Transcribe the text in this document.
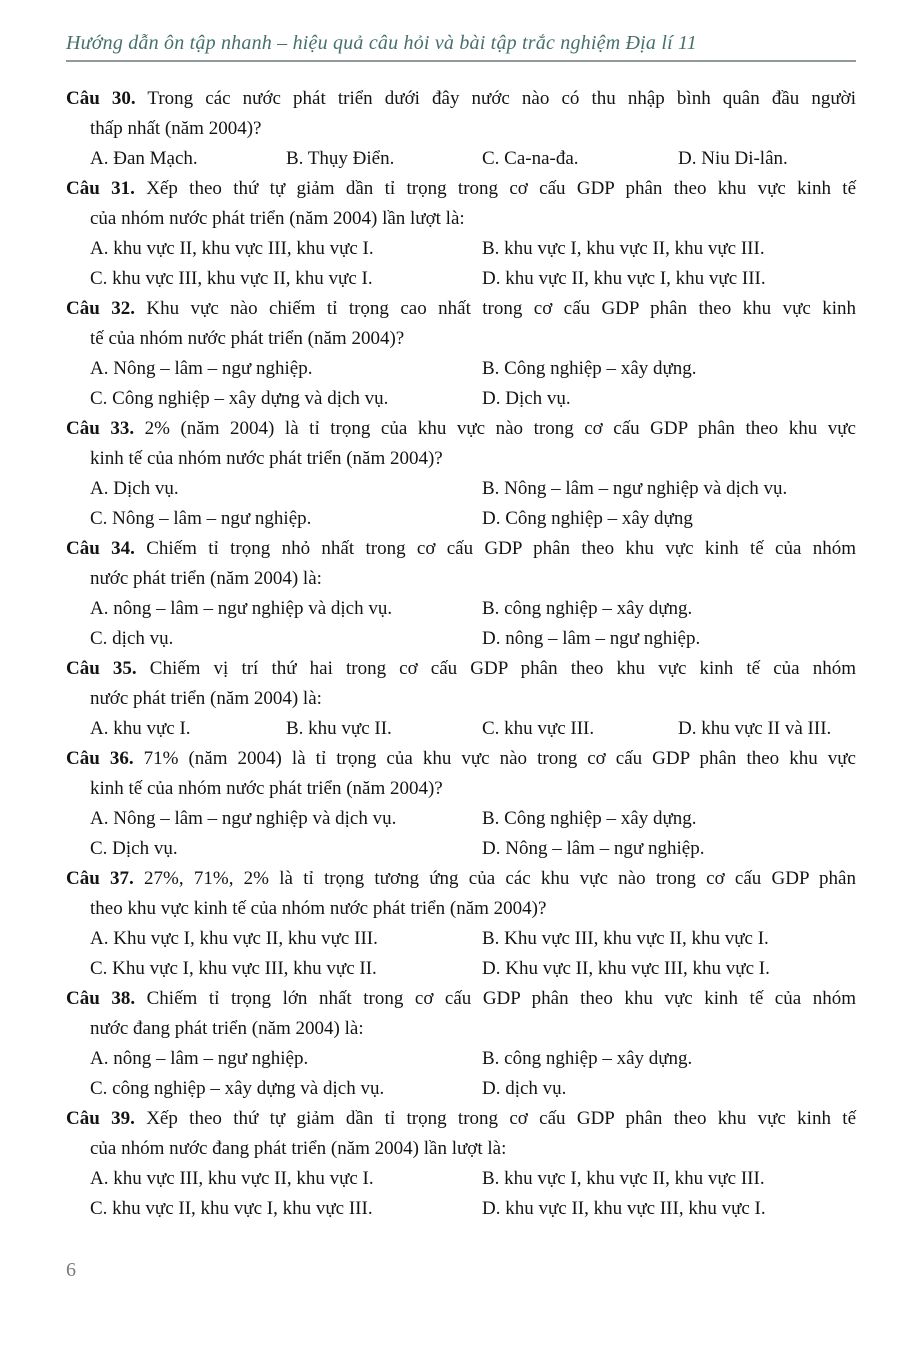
Hướng dẫn ôn tập nhanh – hiệu quả câu hỏi và bài tập trắc nghiệm Địa lí 11
Câu 30. Trong các nước phát triển dưới đây nước nào có thu nhập bình quân đầu người
thấp nhất (năm 2004)?
A. Đan Mạch.	B. Thụy Điển.	C. Ca-na-đa.	D. Niu Di-lân.
Câu 31. Xếp theo thứ tự giảm dần tỉ trọng trong cơ cấu GDP phân theo khu vực kinh tế
của nhóm nước phát triển (năm 2004) lần lượt là:
A. khu vực II, khu vực III, khu vực I.	B. khu vực I, khu vực II, khu vực III.
C. khu vực III, khu vực II, khu vực I.	D. khu vực II, khu vực I, khu vực III.
Câu 32. Khu vực nào chiếm tỉ trọng cao nhất trong cơ cấu GDP phân theo khu vực kinh
tế của nhóm nước phát triển (năm 2004)?
A. Nông – lâm – ngư nghiệp.	B. Công nghiệp – xây dựng.
C. Công nghiệp – xây dựng và dịch vụ.	D. Dịch vụ.
Câu 33. 2% (năm 2004) là tỉ trọng của khu vực nào trong cơ cấu GDP phân theo khu vực
kinh tế của nhóm nước phát triển (năm 2004)?
A. Dịch vụ.	B. Nông – lâm – ngư nghiệp và dịch vụ.
C. Nông – lâm – ngư nghiệp.	D. Công nghiệp – xây dựng
Câu 34. Chiếm tỉ trọng nhỏ nhất trong cơ cấu GDP phân theo khu vực kinh tế của nhóm
nước phát triển (năm 2004) là:
A. nông – lâm – ngư nghiệp và dịch vụ.	B. công nghiệp – xây dựng.
C. dịch vụ.	D. nông – lâm – ngư nghiệp.
Câu 35. Chiếm vị trí thứ hai trong cơ cấu GDP phân theo khu vực kinh tế của nhóm
nước phát triển (năm 2004) là:
A. khu vực I.	B. khu vực II.	C. khu vực III.	D. khu vực II và III.
Câu 36. 71% (năm 2004) là tỉ trọng của khu vực nào trong cơ cấu GDP phân theo khu vực
kinh tế của nhóm nước phát triển (năm 2004)?
A. Nông – lâm – ngư nghiệp và dịch vụ.	B. Công nghiệp – xây dựng.
C. Dịch vụ.	D. Nông – lâm – ngư nghiệp.
Câu 37. 27%, 71%, 2% là tỉ trọng tương ứng của các khu vực nào trong cơ cấu GDP phân
theo khu vực kinh tế của nhóm nước phát triển (năm 2004)?
A. Khu vực I, khu vực II, khu vực III.	B. Khu vực III, khu vực II, khu vực I.
C. Khu vực I, khu vực III, khu vực II.	D. Khu vực II, khu vực III, khu vực I.
Câu 38. Chiếm tỉ trọng lớn nhất trong cơ cấu GDP phân theo khu vực kinh tế của nhóm
nước đang phát triển (năm 2004) là:
A. nông – lâm – ngư nghiệp.	B. công nghiệp – xây dựng.
C. công nghiệp – xây dựng và dịch vụ.	D. dịch vụ.
Câu 39. Xếp theo thứ tự giảm dần tỉ trọng trong cơ cấu GDP phân theo khu vực kinh tế
của nhóm nước đang phát triển (năm 2004) lần lượt là:
A. khu vực III, khu vực II, khu vực I.	B. khu vực I, khu vực II, khu vực III.
C. khu vực II, khu vực I, khu vực III.	D. khu vực II, khu vực III, khu vực I.
6
